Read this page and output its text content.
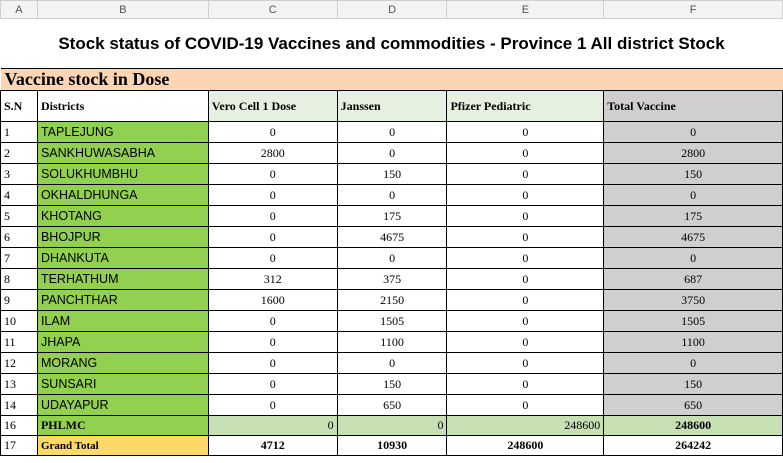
A	B	C	D	E	F
Stock status of COVID-19 Vaccines and commodities - Province 1 All district Stock					
Vaccine stock in Dose					
S.N	Districts	Vero Cell 1 Dose	Janssen	Pfizer Pediatric	Total Vaccine
1	TAPLEJUNG	0	0	0	0
2	SANKHUWASABHA	2800	0	0	2800
3	SOLUKHUMBHU	0	150	0	150
4	OKHALDHUNGA	0	0	0	0
5	KHOTANG	0	175	0	175
6	BHOJPUR	0	4675	0	4675
7	DHANKUTA	0	0	0	0
8	TERHATHUM	312	375	0	687
9	PANCHTHAR	1600	2150	0	3750
10	ILAM	0	1505	0	1505
11	JHAPA	0	1100	0	1100
12	MORANG	0	0	0	0
13	SUNSARI	0	150	0	150
14	UDAYAPUR	0	650	0	650
16	PHLMC	0	0	248600	248600
17	Grand Total	4712	10930	248600	264242
